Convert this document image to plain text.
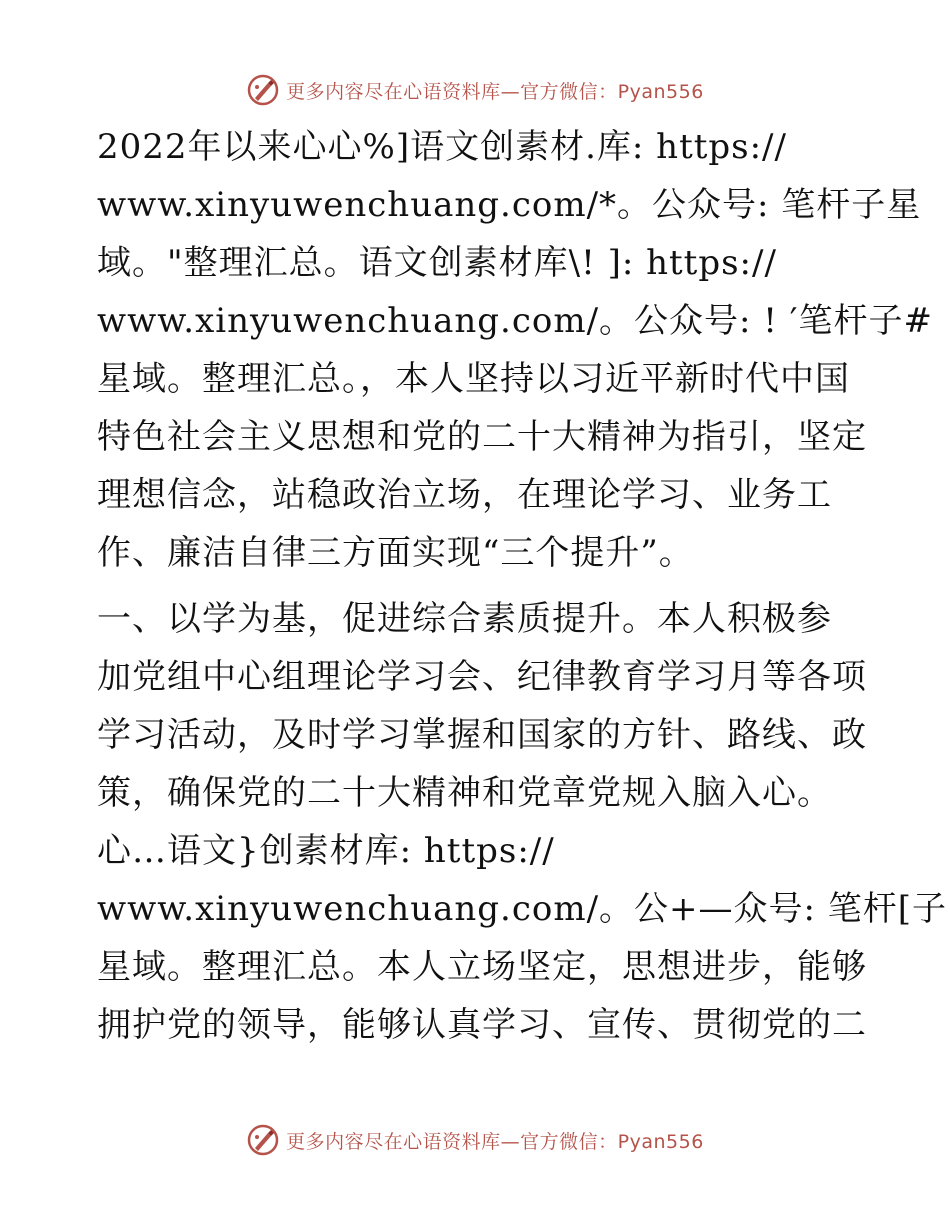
更多内容尽在心语资料库—官方微信：Pyan556
2022年以来心心%]语文创素材.库: https://
www.xinyuwenchuang.com/*。公众号: 笔杆子星
域。"整理汇总。语文创素材库\! ]: https://
www.xinyuwenchuang.com/。公众号: ! ′笔杆子#
星域。整理汇总。，本人坚持以习近平新时代中国
特色社会主义思想和党的二十大精神为指引，坚定
理想信念，站稳政治立场，在理论学习、业务工
作、廉洁自律三方面实现“三个提升”。
一、以学为基，促进综合素质提升。本人积极参
加党组中心组理论学习会、纪律教育学习月等各项
学习活动，及时学习掌握和国家的方针、路线、政
策，确保党的二十大精神和党章党规入脑入心。
心…语文}创素材库: https://
www.xinyuwenchuang.com/。公+—众号: 笔杆[子
星域。整理汇总。本人立场坚定，思想进步，能够
拥护党的领导，能够认真学习、宣传、贯彻党的二
更多内容尽在心语资料库—官方微信：Pyan556
